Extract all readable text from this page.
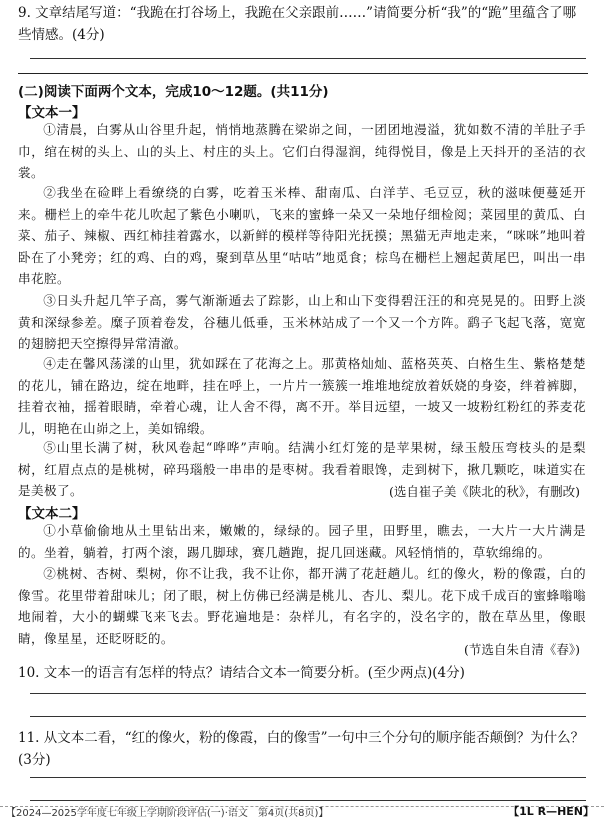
9. 文章结尾写道：“我跪在打谷场上，我跪在父亲跟前……”请简要分析“我”的“跪”里蕴含了哪些情感。(4分)
(二)阅读下面两个文本，完成10～12题。(共11分)
【文本一】
①清晨，白雾从山谷里升起，悄悄地蒸腾在梁峁之间，一团团地漫溢，犹如数不清的羊肚子手巾，绾在树的头上、山的头上、村庄的头上。它们白得湿润，纯得悦目，像是上天抖开的圣洁的衣裳。
②我坐在硷畔上看缭绕的白雾，吃着玉米棒、甜南瓜、白洋芋、毛豆豆，秋的滋味便蔓延开来。栅栏上的牵牛花儿吹起了紫色小喇叭，飞来的蜜蜂一朵又一朵地仔细检阅；菜园里的黄瓜、白菜、茄子、辣椒、西红柿挂着露水，以新鲜的模样等待阳光抚摸；黑猫无声地走来，“咪咪”地叫着卧在了小凳旁；红的鸡、白的鸡，聚到草丛里“咕咕”地觅食；棕鸟在栅栏上翘起黄尾巴，叫出一串串花腔。
③日头升起几竿子高，雾气渐渐遁去了踪影，山上和山下变得碧汪汪的和亮晃晃的。田野上淡黄和深绿参差。糜子顶着卷发，谷穗儿低垂，玉米林站成了一个又一个方阵。鹞子飞起飞落，宽宽的翅膀把天空擦得异常清澈。
④走在馨风荡漾的山里，犹如踩在了花海之上。那黄格灿灿、蓝格英英、白格生生、紫格楚楚的花儿，铺在路边，绽在地畔，挂在呼上，一片片一簇簇一堆堆地绽放着妖娆的身姿，绊着裤脚，挂着衣袖，摇着眼睛，牵着心魂，让人舍不得，离不开。举目远望，一坡又一坡粉红粉红的荞麦花儿，明艳在山峁之上，美如锦缎。
⑤山里长满了树，秋风卷起“哗哗”声响。结满小红灯笼的是苹果树，绿玉般压弯枝头的是梨树，红眉点点的是桃树，碎玛瑙般一串串的是枣树。我看着眼馋，走到树下，揪几颗吃，味道实在是美极了。	(选自崔子美《陕北的秋》，有删改)
【文本二】
①小草偷偷地从土里钻出来，嫩嫩的，绿绿的。园子里，田野里，瞧去，一大片一大片满是的。坐着，躺着，打两个滚，踢几脚球，赛几趟跑，捉几回迷藏。风轻悄悄的，草软绵绵的。
②桃树、杏树、梨树，你不让我，我不让你，都开满了花赶趟儿。红的像火，粉的像霞，白的像雪。花里带着甜味儿；闭了眼，树上仿佛已经满是桃儿、杏儿、梨儿。花下成千成百的蜜蜂嗡嗡地闹着，大小的蝴蝶飞来飞去。野花遍地是：杂样儿，有名字的，没名字的，散在草丛里，像眼睛，像星星，还眨呀眨的。
(节选自朱自清《春》)
10. 文本一的语言有怎样的特点？请结合文本一简要分析。(至少两点)(4分)
11. 从文本二看，“红的像火，粉的像霞，白的像雪”一句中三个分句的顺序能否颠倒？为什么？(3分)
【2024—2025学年度七年级上学期阶段评估(一)·语文　第4页(共8页)】	【1L R—HEN】
